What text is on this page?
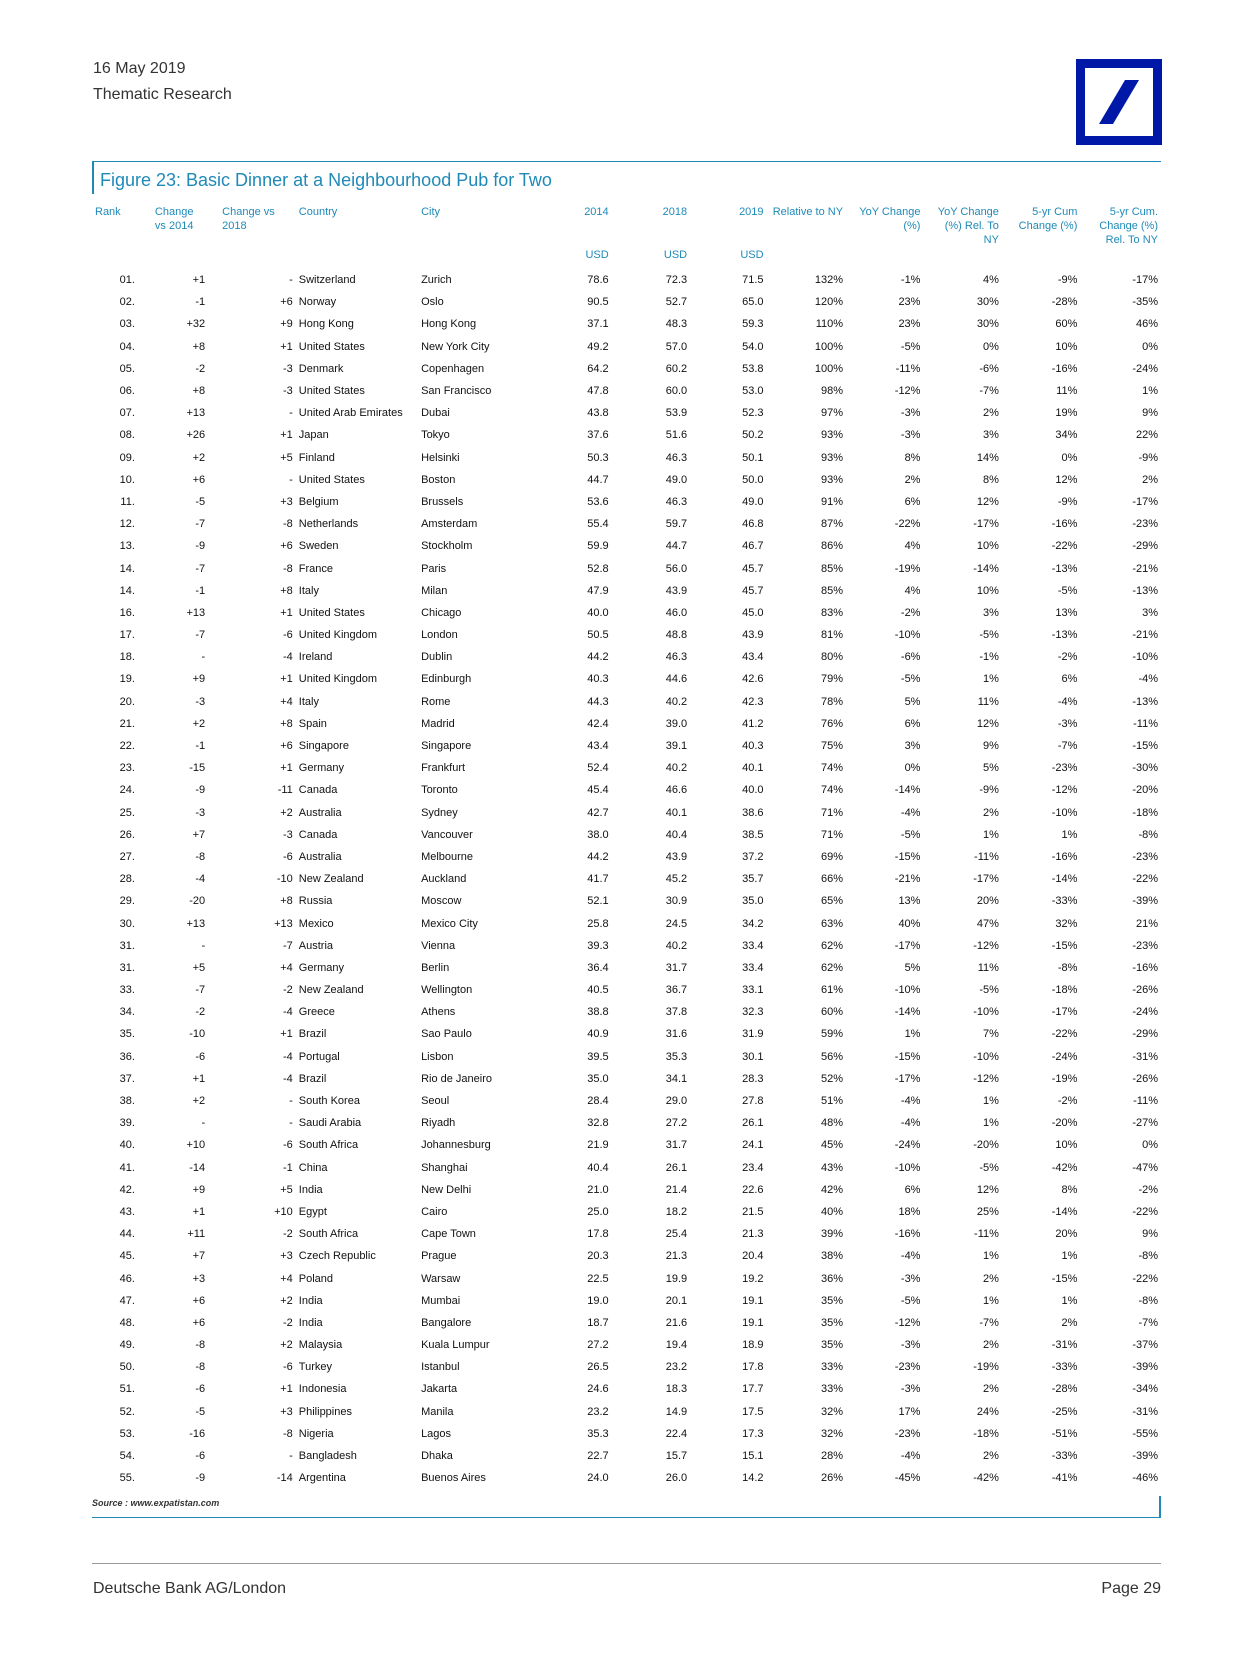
16 May 2019
Thematic Research
Figure 23: Basic Dinner at a Neighbourhood Pub for Two
Rank	Change vs 2014	Change vs 2018	Country	City	2014	2018	2019	Relative to NY	YoY Change (%)	YoY Change (%) Rel. To NY	5-yr Cum Change (%)	5-yr Cum. Change (%) Rel. To NY
					USD	USD	USD					
01.	+1	-	Switzerland	Zurich	78.6	72.3	71.5	132%	-1%	4%	-9%	-17%
02.	-1	+6	Norway	Oslo	90.5	52.7	65.0	120%	23%	30%	-28%	-35%
03.	+32	+9	Hong Kong	Hong Kong	37.1	48.3	59.3	110%	23%	30%	60%	46%
04.	+8	+1	United States	New York City	49.2	57.0	54.0	100%	-5%	0%	10%	0%
05.	-2	-3	Denmark	Copenhagen	64.2	60.2	53.8	100%	-11%	-6%	-16%	-24%
06.	+8	-3	United States	San Francisco	47.8	60.0	53.0	98%	-12%	-7%	11%	1%
07.	+13	-	United Arab Emirates	Dubai	43.8	53.9	52.3	97%	-3%	2%	19%	9%
08.	+26	+1	Japan	Tokyo	37.6	51.6	50.2	93%	-3%	3%	34%	22%
09.	+2	+5	Finland	Helsinki	50.3	46.3	50.1	93%	8%	14%	0%	-9%
10.	+6	-	United States	Boston	44.7	49.0	50.0	93%	2%	8%	12%	2%
11.	-5	+3	Belgium	Brussels	53.6	46.3	49.0	91%	6%	12%	-9%	-17%
12.	-7	-8	Netherlands	Amsterdam	55.4	59.7	46.8	87%	-22%	-17%	-16%	-23%
13.	-9	+6	Sweden	Stockholm	59.9	44.7	46.7	86%	4%	10%	-22%	-29%
14.	-7	-8	France	Paris	52.8	56.0	45.7	85%	-19%	-14%	-13%	-21%
14.	-1	+8	Italy	Milan	47.9	43.9	45.7	85%	4%	10%	-5%	-13%
16.	+13	+1	United States	Chicago	40.0	46.0	45.0	83%	-2%	3%	13%	3%
17.	-7	-6	United Kingdom	London	50.5	48.8	43.9	81%	-10%	-5%	-13%	-21%
18.	-	-4	Ireland	Dublin	44.2	46.3	43.4	80%	-6%	-1%	-2%	-10%
19.	+9	+1	United Kingdom	Edinburgh	40.3	44.6	42.6	79%	-5%	1%	6%	-4%
20.	-3	+4	Italy	Rome	44.3	40.2	42.3	78%	5%	11%	-4%	-13%
21.	+2	+8	Spain	Madrid	42.4	39.0	41.2	76%	6%	12%	-3%	-11%
22.	-1	+6	Singapore	Singapore	43.4	39.1	40.3	75%	3%	9%	-7%	-15%
23.	-15	+1	Germany	Frankfurt	52.4	40.2	40.1	74%	0%	5%	-23%	-30%
24.	-9	-11	Canada	Toronto	45.4	46.6	40.0	74%	-14%	-9%	-12%	-20%
25.	-3	+2	Australia	Sydney	42.7	40.1	38.6	71%	-4%	2%	-10%	-18%
26.	+7	-3	Canada	Vancouver	38.0	40.4	38.5	71%	-5%	1%	1%	-8%
27.	-8	-6	Australia	Melbourne	44.2	43.9	37.2	69%	-15%	-11%	-16%	-23%
28.	-4	-10	New Zealand	Auckland	41.7	45.2	35.7	66%	-21%	-17%	-14%	-22%
29.	-20	+8	Russia	Moscow	52.1	30.9	35.0	65%	13%	20%	-33%	-39%
30.	+13	+13	Mexico	Mexico City	25.8	24.5	34.2	63%	40%	47%	32%	21%
31.	-	-7	Austria	Vienna	39.3	40.2	33.4	62%	-17%	-12%	-15%	-23%
31.	+5	+4	Germany	Berlin	36.4	31.7	33.4	62%	5%	11%	-8%	-16%
33.	-7	-2	New Zealand	Wellington	40.5	36.7	33.1	61%	-10%	-5%	-18%	-26%
34.	-2	-4	Greece	Athens	38.8	37.8	32.3	60%	-14%	-10%	-17%	-24%
35.	-10	+1	Brazil	Sao Paulo	40.9	31.6	31.9	59%	1%	7%	-22%	-29%
36.	-6	-4	Portugal	Lisbon	39.5	35.3	30.1	56%	-15%	-10%	-24%	-31%
37.	+1	-4	Brazil	Rio de Janeiro	35.0	34.1	28.3	52%	-17%	-12%	-19%	-26%
38.	+2	-	South Korea	Seoul	28.4	29.0	27.8	51%	-4%	1%	-2%	-11%
39.	-	-	Saudi Arabia	Riyadh	32.8	27.2	26.1	48%	-4%	1%	-20%	-27%
40.	+10	-6	South Africa	Johannesburg	21.9	31.7	24.1	45%	-24%	-20%	10%	0%
41.	-14	-1	China	Shanghai	40.4	26.1	23.4	43%	-10%	-5%	-42%	-47%
42.	+9	+5	India	New Delhi	21.0	21.4	22.6	42%	6%	12%	8%	-2%
43.	+1	+10	Egypt	Cairo	25.0	18.2	21.5	40%	18%	25%	-14%	-22%
44.	+11	-2	South Africa	Cape Town	17.8	25.4	21.3	39%	-16%	-11%	20%	9%
45.	+7	+3	Czech Republic	Prague	20.3	21.3	20.4	38%	-4%	1%	1%	-8%
46.	+3	+4	Poland	Warsaw	22.5	19.9	19.2	36%	-3%	2%	-15%	-22%
47.	+6	+2	India	Mumbai	19.0	20.1	19.1	35%	-5%	1%	1%	-8%
48.	+6	-2	India	Bangalore	18.7	21.6	19.1	35%	-12%	-7%	2%	-7%
49.	-8	+2	Malaysia	Kuala Lumpur	27.2	19.4	18.9	35%	-3%	2%	-31%	-37%
50.	-8	-6	Turkey	Istanbul	26.5	23.2	17.8	33%	-23%	-19%	-33%	-39%
51.	-6	+1	Indonesia	Jakarta	24.6	18.3	17.7	33%	-3%	2%	-28%	-34%
52.	-5	+3	Philippines	Manila	23.2	14.9	17.5	32%	17%	24%	-25%	-31%
53.	-16	-8	Nigeria	Lagos	35.3	22.4	17.3	32%	-23%	-18%	-51%	-55%
54.	-6	-	Bangladesh	Dhaka	22.7	15.7	15.1	28%	-4%	2%	-33%	-39%
55.	-9	-14	Argentina	Buenos Aires	24.0	26.0	14.2	26%	-45%	-42%	-41%	-46%
Source : www.expatistan.com
Deutsche Bank AG/London	Page 29
